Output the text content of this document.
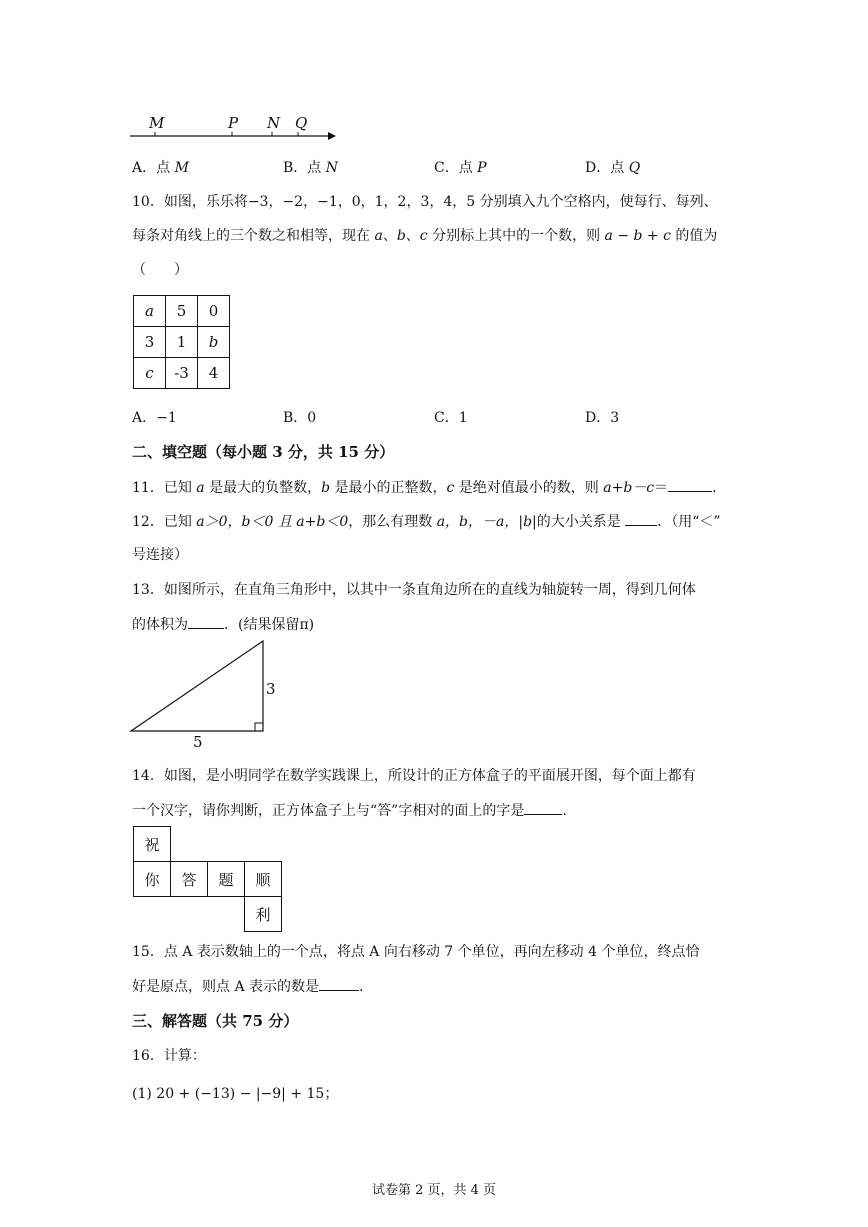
M	P N Q
A．点 M	B．点 N	C．点 P	D．点 Q
10．如图，乐乐将−3，−2，−1，0，1，2，3，4，5 分别填入九个空格内，使每行、每列、
每条对角线上的三个数之和相等，现在 a、b、c 分别标上其中的一个数，则 a − b + c 的值为
（　　）
a	5	0
3	1	b
c	-3	4
A．−1	B．0	C．1	D．3
二、填空题（每小题 3 分，共 15 分）
11．已知 a 是最大的负整数，b 是最小的正整数，c 是绝对值最小的数，则 a+b－c＝	.
12．已知 a＞0，b＜0 且 a+b＜0，那么有理数 a，b，－a，|b|的大小关系是 ．（用“＜”
号连接）
13．如图所示，在直角三角形中，以其中一条直角边所在的直线为轴旋转一周，得到几何体
的体积为	．(结果保留π)
3
5
14．如图，是小明同学在数学实践课上，所设计的正方体盒子的平面展开图，每个面上都有
一个汉字，请你判断，正方体盒子上与“答”字相对的面上的字是	.
祝			
你	答	题	顺
			利
15．点 A 表示数轴上的一个点，将点 A 向右移动 7 个单位，再向左移动 4 个单位，终点恰
好是原点，则点 A 表示的数是	.
三、解答题（共 75 分）
16．计算：
(1) 20 + (−13) − |−9| + 15；
试卷第 2 页，共 4 页
